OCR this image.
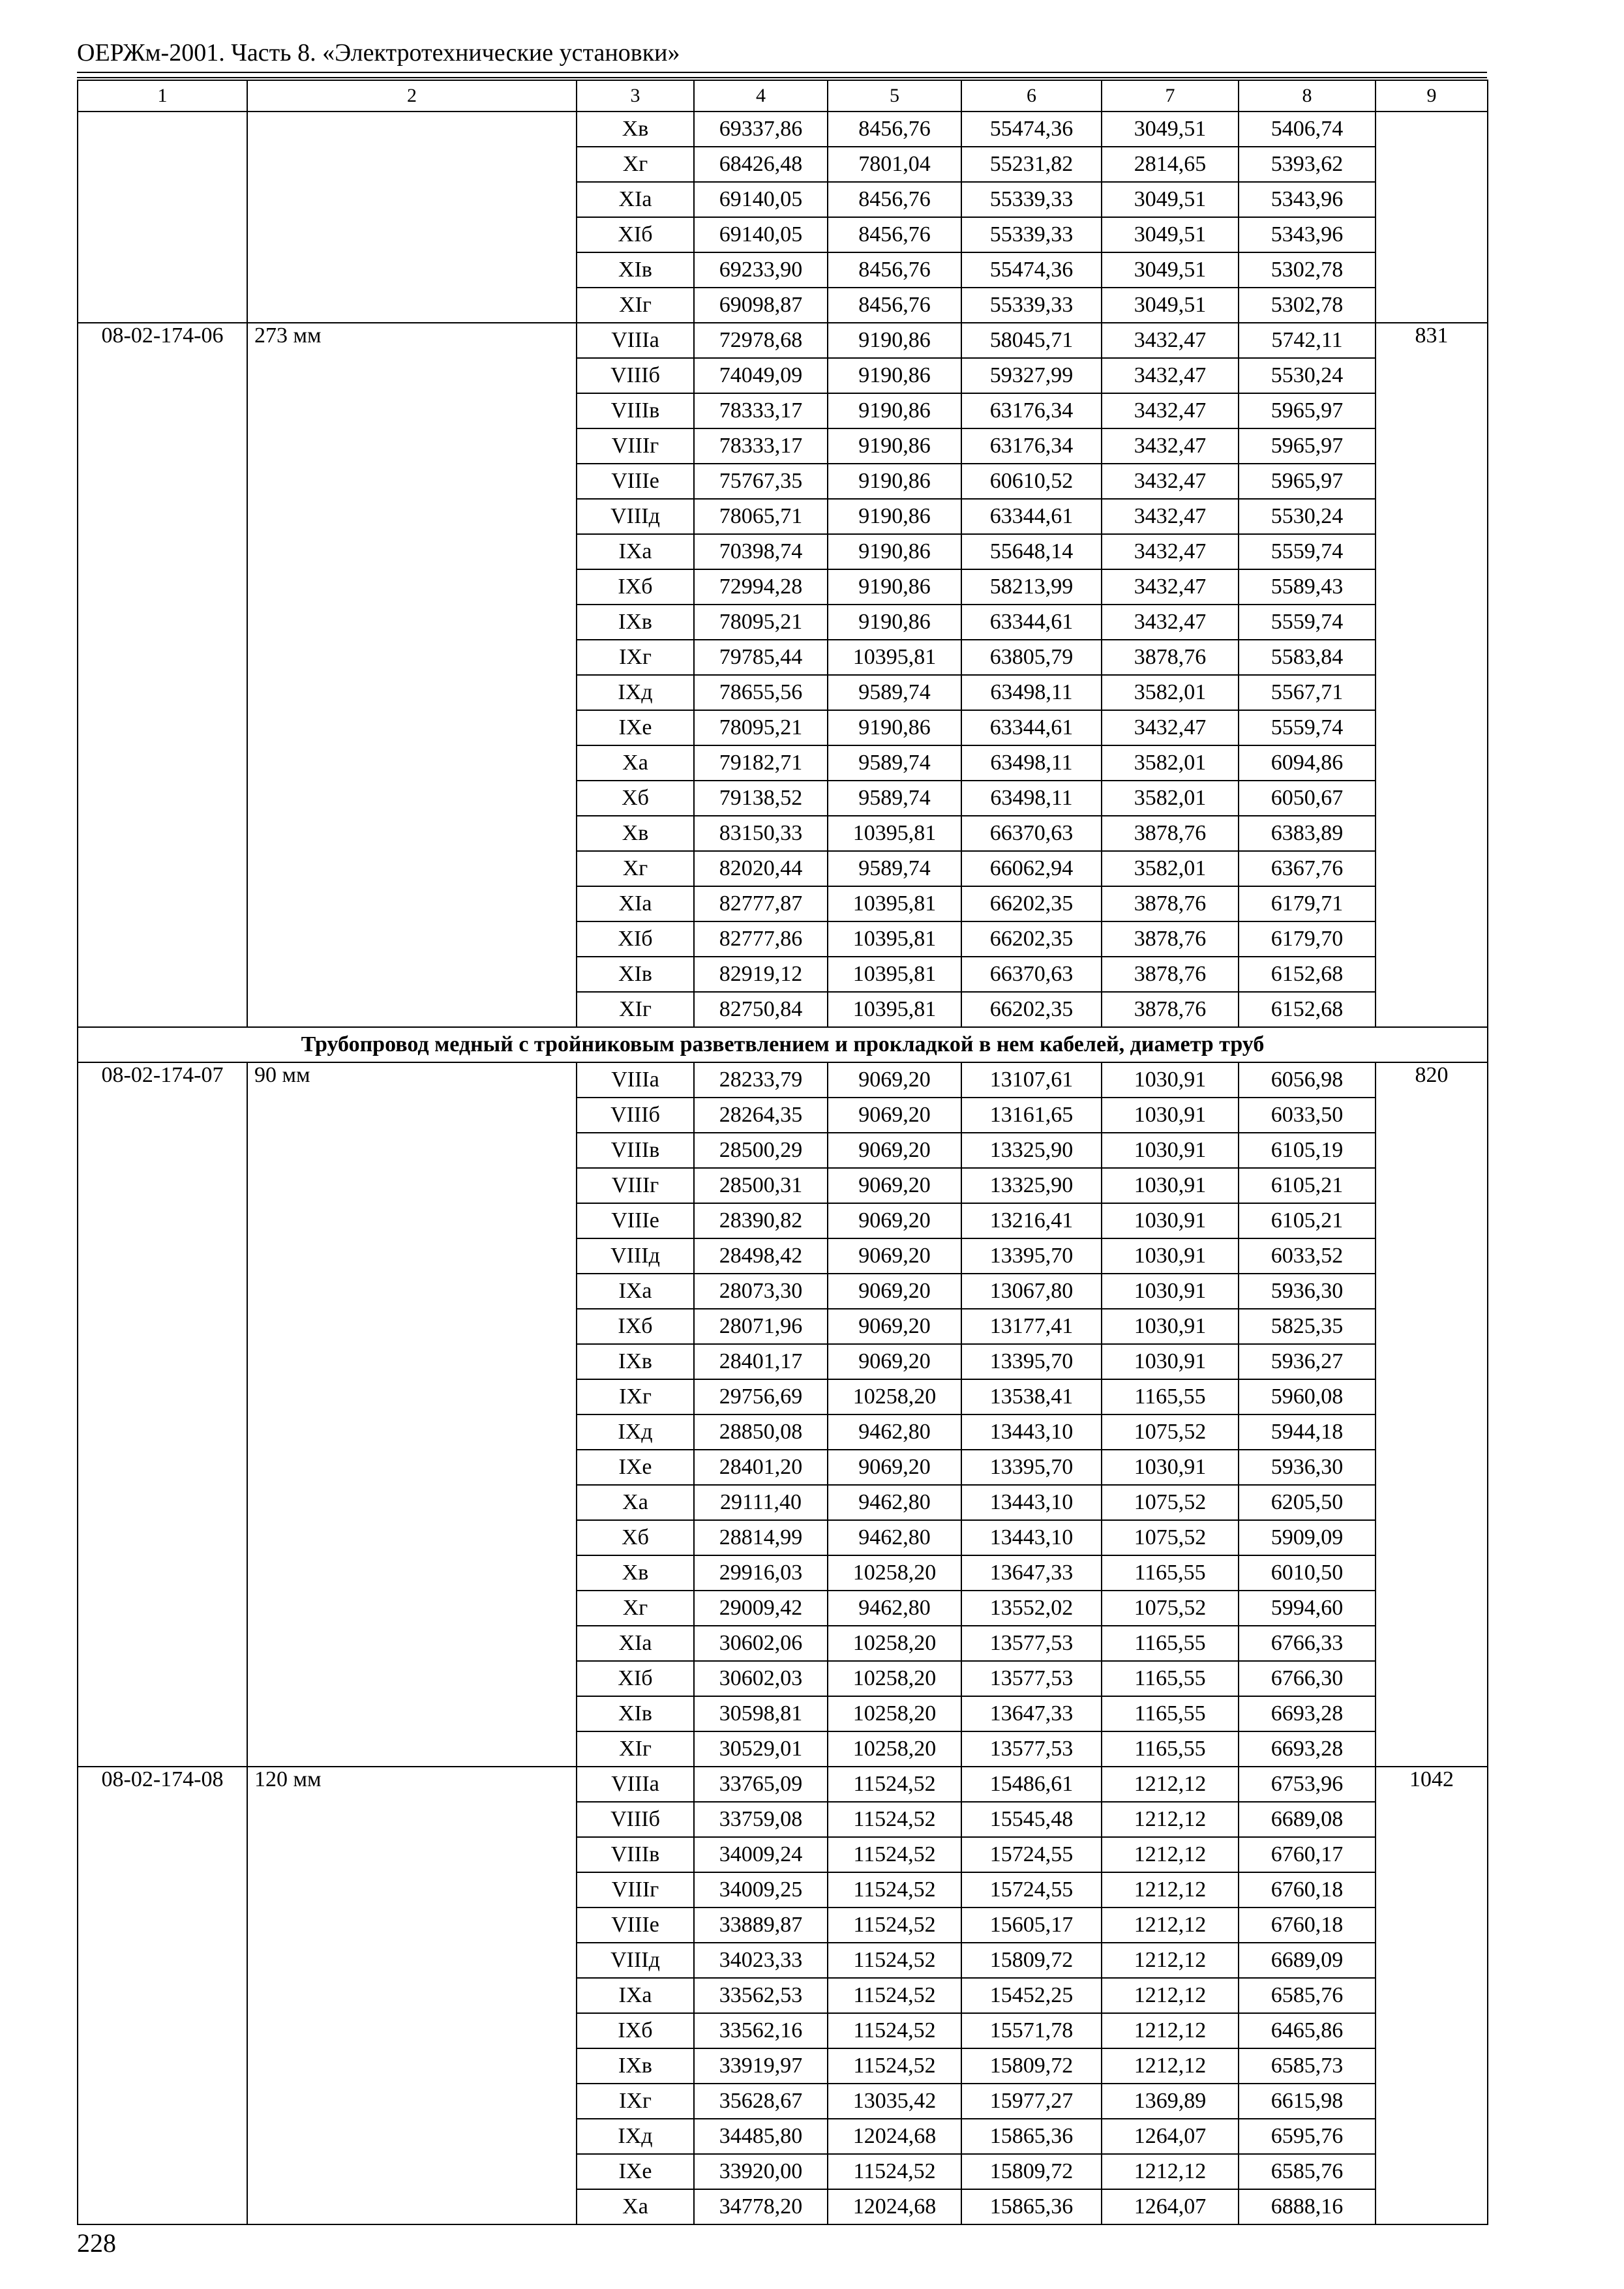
ОЕРЖм-2001. Часть 8. «Электротехнические установки»
1	2	3	4	5	6	7	8	9
		Xв	69337,86	8456,76	55474,36	3049,51	5406,74	
		Xг	68426,48	7801,04	55231,82	2814,65	5393,62	
		XIа	69140,05	8456,76	55339,33	3049,51	5343,96	
		XIб	69140,05	8456,76	55339,33	3049,51	5343,96	
		XIв	69233,90	8456,76	55474,36	3049,51	5302,78	
		XIг	69098,87	8456,76	55339,33	3049,51	5302,78	
08-02-174-06	273 мм	VIIIа	72978,68	9190,86	58045,71	3432,47	5742,11	831
		VIIIб	74049,09	9190,86	59327,99	3432,47	5530,24	
		VIIIв	78333,17	9190,86	63176,34	3432,47	5965,97	
		VIIIг	78333,17	9190,86	63176,34	3432,47	5965,97	
		VIIIе	75767,35	9190,86	60610,52	3432,47	5965,97	
		VIIIд	78065,71	9190,86	63344,61	3432,47	5530,24	
		IXа	70398,74	9190,86	55648,14	3432,47	5559,74	
		IXб	72994,28	9190,86	58213,99	3432,47	5589,43	
		IXв	78095,21	9190,86	63344,61	3432,47	5559,74	
		IXг	79785,44	10395,81	63805,79	3878,76	5583,84	
		IXд	78655,56	9589,74	63498,11	3582,01	5567,71	
		IXе	78095,21	9190,86	63344,61	3432,47	5559,74	
		Xа	79182,71	9589,74	63498,11	3582,01	6094,86	
		Xб	79138,52	9589,74	63498,11	3582,01	6050,67	
		Xв	83150,33	10395,81	66370,63	3878,76	6383,89	
		Xг	82020,44	9589,74	66062,94	3582,01	6367,76	
		XIа	82777,87	10395,81	66202,35	3878,76	6179,71	
		XIб	82777,86	10395,81	66202,35	3878,76	6179,70	
		XIв	82919,12	10395,81	66370,63	3878,76	6152,68	
		XIг	82750,84	10395,81	66202,35	3878,76	6152,68	
Трубопровод медный с тройниковым разветвлением и прокладкой в нем кабелей, диаметр труб								
08-02-174-07	90 мм	VIIIа	28233,79	9069,20	13107,61	1030,91	6056,98	820
		VIIIб	28264,35	9069,20	13161,65	1030,91	6033,50	
		VIIIв	28500,29	9069,20	13325,90	1030,91	6105,19	
		VIIIг	28500,31	9069,20	13325,90	1030,91	6105,21	
		VIIIе	28390,82	9069,20	13216,41	1030,91	6105,21	
		VIIIд	28498,42	9069,20	13395,70	1030,91	6033,52	
		IXа	28073,30	9069,20	13067,80	1030,91	5936,30	
		IXб	28071,96	9069,20	13177,41	1030,91	5825,35	
		IXв	28401,17	9069,20	13395,70	1030,91	5936,27	
		IXг	29756,69	10258,20	13538,41	1165,55	5960,08	
		IXд	28850,08	9462,80	13443,10	1075,52	5944,18	
		IXе	28401,20	9069,20	13395,70	1030,91	5936,30	
		Xа	29111,40	9462,80	13443,10	1075,52	6205,50	
		Xб	28814,99	9462,80	13443,10	1075,52	5909,09	
		Xв	29916,03	10258,20	13647,33	1165,55	6010,50	
		Xг	29009,42	9462,80	13552,02	1075,52	5994,60	
		XIа	30602,06	10258,20	13577,53	1165,55	6766,33	
		XIб	30602,03	10258,20	13577,53	1165,55	6766,30	
		XIв	30598,81	10258,20	13647,33	1165,55	6693,28	
		XIг	30529,01	10258,20	13577,53	1165,55	6693,28	
08-02-174-08	120 мм	VIIIа	33765,09	11524,52	15486,61	1212,12	6753,96	1042
		VIIIб	33759,08	11524,52	15545,48	1212,12	6689,08	
		VIIIв	34009,24	11524,52	15724,55	1212,12	6760,17	
		VIIIг	34009,25	11524,52	15724,55	1212,12	6760,18	
		VIIIе	33889,87	11524,52	15605,17	1212,12	6760,18	
		VIIIд	34023,33	11524,52	15809,72	1212,12	6689,09	
		IXа	33562,53	11524,52	15452,25	1212,12	6585,76	
		IXб	33562,16	11524,52	15571,78	1212,12	6465,86	
		IXв	33919,97	11524,52	15809,72	1212,12	6585,73	
		IXг	35628,67	13035,42	15977,27	1369,89	6615,98	
		IXд	34485,80	12024,68	15865,36	1264,07	6595,76	
		IXе	33920,00	11524,52	15809,72	1212,12	6585,76	
		Xа	34778,20	12024,68	15865,36	1264,07	6888,16	
228
